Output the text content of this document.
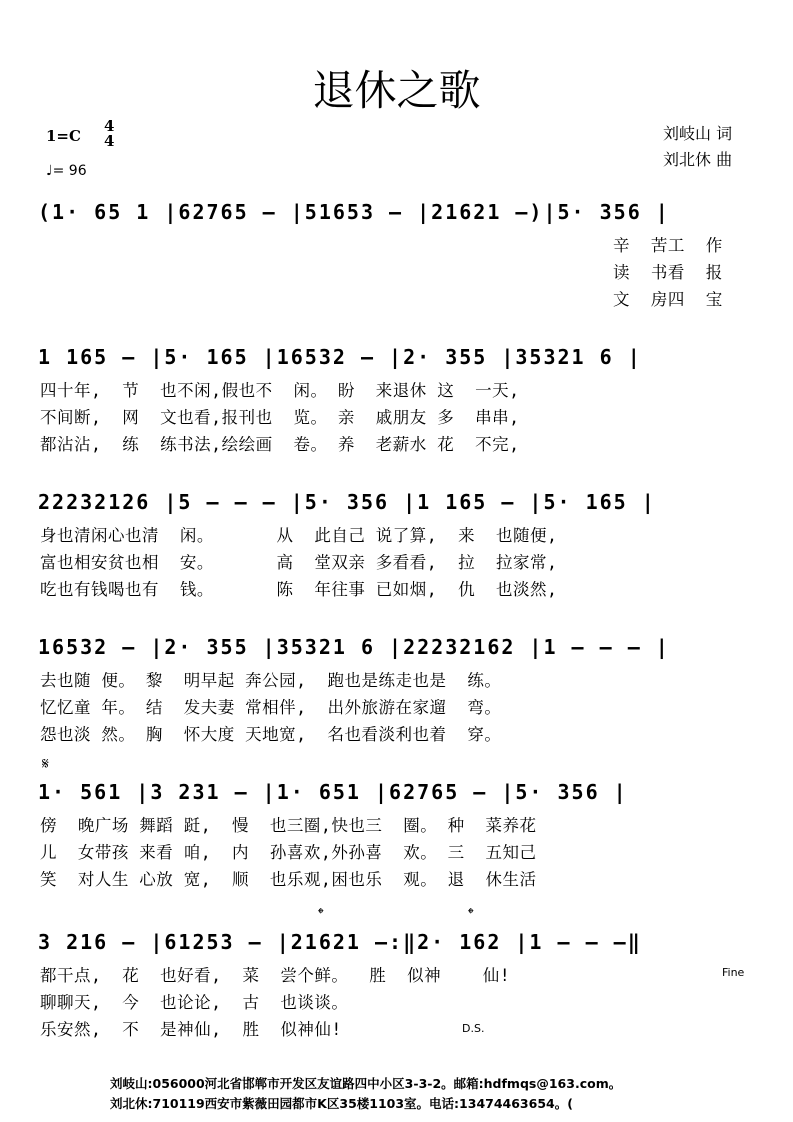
退休之歌
1=C
4
4
♩= 96
刘岐山 词
刘北休 曲
(1· 65 1 |62765 – |51653 – |21621 –)|5· 356 |
辛  苦工  作
读  书看  报
文  房四  宝
1 165 – |5· 165 |16532 – |2· 355 |35321 6 |
四十年,  节  也不闲,假也不  闲。 盼  来退休 这  一天,
不间断,  网  文也看,报刊也  览。 亲  戚朋友 多  串串,
都沾沾,  练  练书法,绘绘画  卷。 养  老薪水 花  不完,
22232126 |5 – – – |5· 356 |1 165 – |5· 165 |
身也清闲心也清  闲。      从  此自己 说了算,  来  也随便,
富也相安贫也相  安。      高  堂双亲 多看看,  拉  拉家常,
吃也有钱喝也有  钱。      陈  年往事 已如烟,  仇  也淡然,
16532 – |2· 355 |35321 6 |22232162 |1 – – – |
去也随 便。 黎  明早起 奔公园,  跑也是练走也是  练。
忆忆童 年。 结  发夫妻 常相伴,  出外旅游在家遛  弯。
怨也淡 然。 胸  怀大度 天地宽,  名也看淡利也着  穿。
𝄋
1· 561 |3 231 – |1· 651 |62765 – |5· 356 |
傍  晚广场 舞蹈 跹,  慢  也三圈,快也三  圈。 种  菜养花
儿  女带孩 来看 咱,  内  孙喜欢,外孙喜  欢。 三  五知己
笑  对人生 心放 宽,  顺  也乐观,困也乐  观。 退  休生活
𝄌	𝄌
3 216 – |61253 – |21621 –:‖2· 162 |1 – – –‖
都干点,  花  也好看,  菜  尝个鲜。  胜  似神    仙!
聊聊天,  今  也论论,  古  也谈谈。
乐安然,  不  是神仙,  胜  似神仙!
Fine
D.S.
刘岐山:056000河北省邯郸市开发区友谊路四中小区3-3-2。邮箱:hdfmqs@163.com。
刘北休:710119西安市紫薇田园都市K区35楼1103室。电话:13474463654。(
